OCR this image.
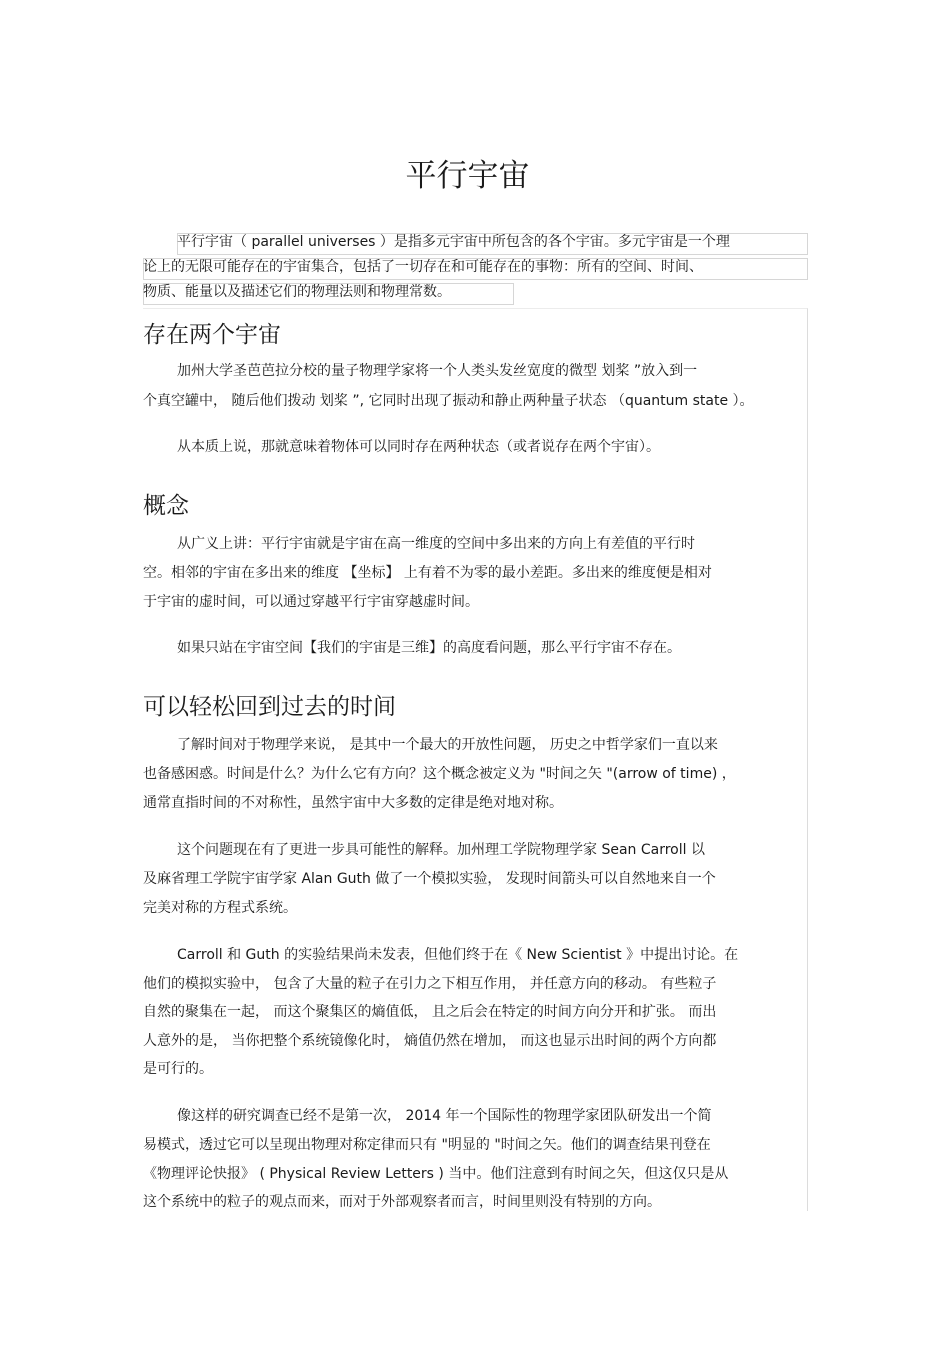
平行宇宙
平行宇宙（ parallel universes ）是指多元宇宙中所包含的各个宇宙。多元宇宙是一个理
论上的无限可能存在的宇宙集合，包括了一切存在和可能存在的事物：所有的空间、时间、
物质、能量以及描述它们的物理法则和物理常数。
存在两个宇宙
加州大学圣芭芭拉分校的量子物理学家将一个人类头发丝宽度的微型 划桨 ”放入到一
个真空罐中， 随后他们拨动 划桨 ”, 它同时出现了振动和静止两种量子状态 （quantum state ）。
从本质上说，那就意味着物体可以同时存在两种状态（或者说存在两个宇宙）。
概念
从广义上讲：平行宇宙就是宇宙在高一维度的空间中多出来的方向上有差值的平行时
空。相邻的宇宙在多出来的维度 【坐标】 上有着不为零的最小差距。多出来的维度便是相对
于宇宙的虚时间，可以通过穿越平行宇宙穿越虚时间。
如果只站在宇宙空间【我们的宇宙是三维】的高度看问题，那么平行宇宙不存在。
可以轻松回到过去的时间
了解时间对于物理学来说， 是其中一个最大的开放性问题， 历史之中哲学家们一直以来
也备感困惑。时间是什么？为什么它有方向？这个概念被定义为 "时间之矢 "(arrow of time) ，
通常直指时间的不对称性，虽然宇宙中大多数的定律是绝对地对称。
这个问题现在有了更进一步具可能性的解释。加州理工学院物理学家 Sean Carroll 以
及麻省理工学院宇宙学家 Alan Guth 做了一个模拟实验， 发现时间箭头可以自然地来自一个
完美对称的方程式系统。
Carroll 和 Guth 的实验结果尚未发表，但他们终于在《 New Scientist 》中提出讨论。在
他们的模拟实验中， 包含了大量的粒子在引力之下相互作用， 并任意方向的移动。 有些粒子
自然的聚集在一起， 而这个聚集区的熵值低， 且之后会在特定的时间方向分开和扩张。 而出
人意外的是， 当你把整个系统镜像化时， 熵值仍然在增加， 而这也显示出时间的两个方向都
是可行的。
像这样的研究调查已经不是第一次， 2014 年一个国际性的物理学家团队研发出一个简
易模式，透过它可以呈现出物理对称定律而只有 "明显的 "时间之矢。他们的调查结果刊登在
《物理评论快报》 ( Physical Review Letters ) 当中。他们注意到有时间之矢，但这仅只是从
这个系统中的粒子的观点而来，而对于外部观察者而言，时间里则没有特别的方向。
